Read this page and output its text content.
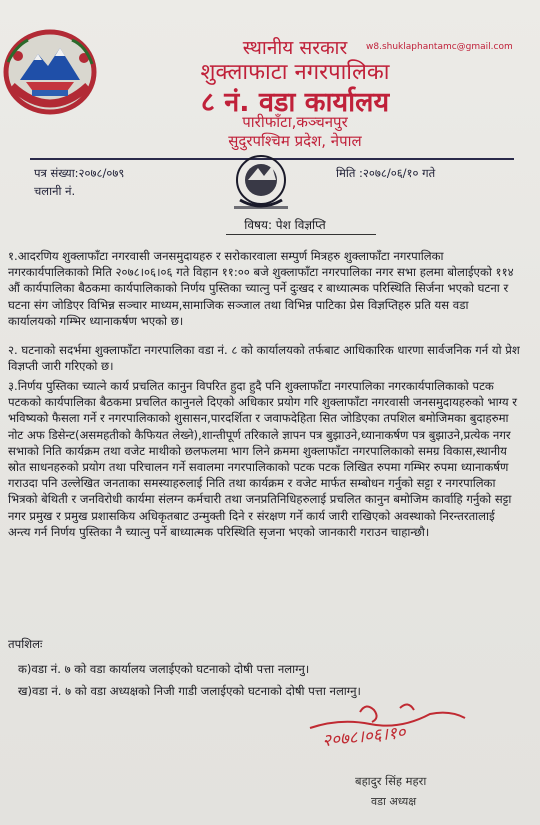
स्थानीय सरकार
शुक्लाफाटा नगरपालिका
८ नं. वडा कार्यालय
पारीफाँटा,कञ्चनपुर
सुदुरपश्चिम प्रदेश, नेपाल
w8.shuklaphantamc@gmail.com
पत्र संख्या:२०७८/०७९
चलानी नं.
मिति :२०७८/०६/१० गते
विषय: पेश विज्ञप्ति

१.आदरणिय शुक्लाफाँटा नगरवासी जनसमुदायहरु र सरोकारवाला सम्पुर्ण मित्रहरु शुक्लाफाँटा नगरपालिका नगरकार्यपालिकाको मिति २०७८।०६।०६ गते विहान ११:०० बजे शुक्लाफाँटा नगरपालिका नगर सभा हलमा बोलाईएको ११४ औं कार्यपालिका बैठकमा कार्यपालिकाको निर्णय पुस्तिका च्यात्नु पर्ने दुःखद र बाध्यात्मक परिस्थिति सिर्जना भएको घटना र घटना संग जोडिएर विभिन्न सञ्चार माध्यम,सामाजिक सञ्जाल तथा विभिन्न पाटिका प्रेस विज्ञप्तिहरु प्रति यस वडा कार्यालयको गम्भिर ध्यानाकर्षण भएको छ।

२. घटनाको सदर्भमा शुक्लाफाँटा नगरपालिका वडा नं. ८ को कार्यालयको तर्फबाट आधिकारिक धारणा सार्वजनिक गर्न यो प्रेश विज्ञप्ती जारी गरिएको छ।

३.निर्णय पुस्तिका च्यात्ने कार्य प्रचलित कानुन विपरित हुदा हुदै पनि शुक्लाफाँटा नगरपालिका नगरकार्यपालिकाको पटक पटकको कार्यपालिका बैठकमा प्रचलित कानुनले दिएको अधिकार प्रयोग गरि शुक्लाफाँटा नगरवासी जनसमुदायहरुको भाग्य र भविष्यको फैसला गर्ने र नगरपालिकाको शुसासन,पारदर्शिता र जवाफदेहिता सित जोडिएका तपशिल बमोजिमका बुदाहरुमा नोट अफ डिसेन्ट(असमहतीको कैफियत लेख्ने),शान्तीपूर्ण तरिकाले ज्ञापन पत्र बुझाउने,ध्यानाकर्षण पत्र बुझाउने,प्रत्येक नगर सभाको निति कार्यक्रम तथा वजेट माथीको छलफलमा भाग लिने क्रममा शुक्लाफाँटा नगरपालिकाको समग्र विकास,स्थानीय स्रोत साधनहरुको प्रयोग तथा परिचालन गर्ने सवालमा नगरपालिकाको पटक पटक लिखित रुपमा गम्भिर रुपमा ध्यानाकर्षण गराउदा पनि उल्लेखित जनताका समस्याहरुलाई निति तथा कार्यक्रम र वजेट मार्फत सम्बोधन गर्नुको सट्टा र नगरपालिका भित्रको बेथिती र जनविरोधी कार्यमा संलग्न कर्मचारी तथा जनप्रतिनिधिहरुलाई प्रचलित कानुन बमोजिम कार्वाहि गर्नुको सट्टा नगर प्रमुख र प्रमुख प्रशासकिय अधिकृतबाट उन्मुक्ती दिने र संरक्षण गर्ने कार्य जारी राखिएको अवस्थाको निरन्तरतालाई अन्त्य गर्न निर्णय पुस्तिका नै च्यात्नु पर्ने बाध्यात्मक परिस्थिति सृजना भएको जानकारी गराउन चाहान्छौ।

तपशिलः

क)वडा नं. ७ को वडा कार्यालय जलाईएको घटनाको दोषी पत्ता नलाग्नु।
ख)वडा नं. ७ को वडा अध्यक्षको निजी गाडी जलाईएको घटनाको दोषी पत्ता नलाग्नु।
२०७८।०६।१०
बहादुर सिंह महरा
वडा अध्यक्ष
